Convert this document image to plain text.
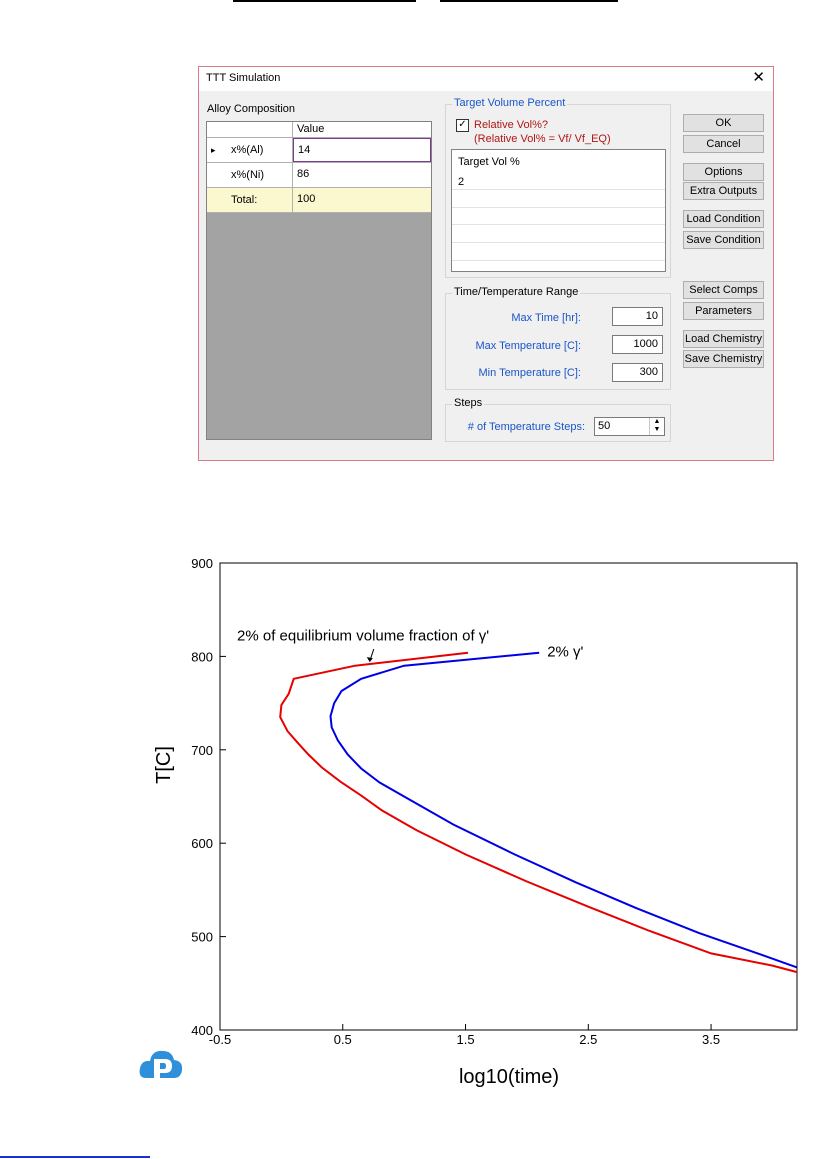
TTT Simulation	✕
Alloy Composition
Value
▸ x%(Al)	14
x%(Ni)	86
Total:	100
Target Volume Percent
✓ Relative Vol%?
(Relative Vol% = Vf/ Vf_EQ)
Target Vol %
2
Time/Temperature Range
Max Time [hr]:	10
Max Temperature [C]:	1000
Min Temperature [C]:	300
Steps
# of Temperature Steps: 50	▲
▼
OK
Cancel
Options
Extra Outputs
Load Condition
Save Condition
Select Comps
Parameters
Load Chemistry
Save Chemistry
-0.5	0.5	1.5	2.5	3.5
400
500
600
700
800
900
2% of equilibrium volume fraction of γ'
2% γ'
T[C]
log10(time)
